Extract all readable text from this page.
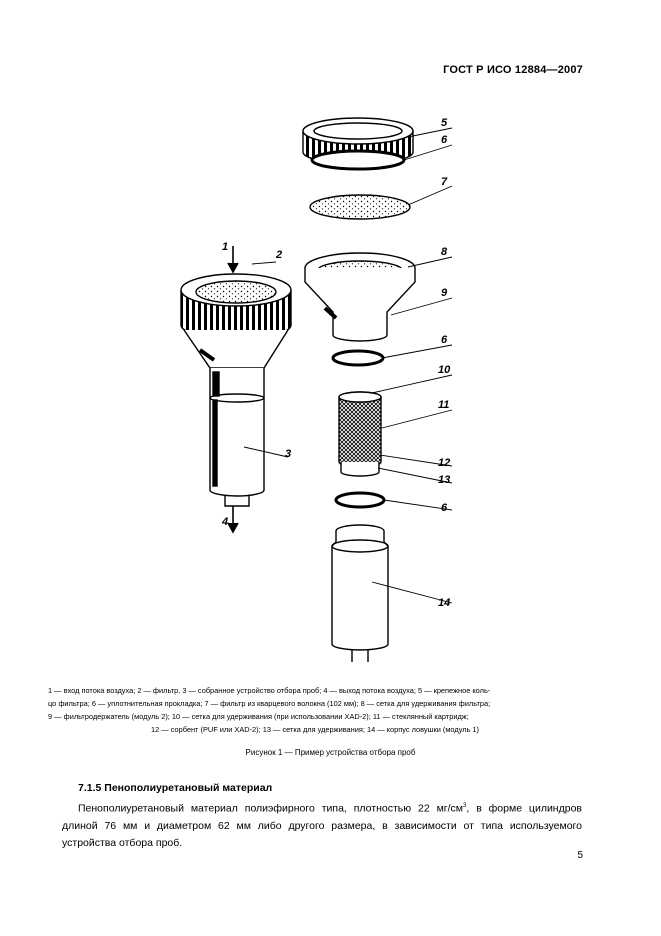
ГОСТ Р ИСО 12884—2007
1
2
3
4
5
6
7
8
9
6
10
11
12
13
6
14

1 — вход потока воздуха; 2 — фильтр, 3 — собранное устройство отбора проб; 4 — выход потока воздуха; 5 — крепежное коль-

цо фильтра; 6 — уплотнительная прокладка; 7 — фильтр из кварцевого волокна (102 мм); 8 — сетка для удерживания фильтра;

9 — фильтродержатель (модуль 2); 10 — сетка для удерживания (при использовании XAD-2); 11 — стеклянный картридж;

12 — сорбент (PUF или XAD-2); 13 — сетка для удерживания; 14 — корпус ловушки (модуль 1)

Рисунок 1 — Пример устройства отбора проб
7.1.5 Пенополиуретановый материал
Пенополиуретановый материал полиэфирного типа, плотностью 22 $мг/см^3$, в форме цилиндров длиной 76 мм и диаметром 62 мм либо другого размера, в зависимости от типа используемого устройства отбора проб.
5
